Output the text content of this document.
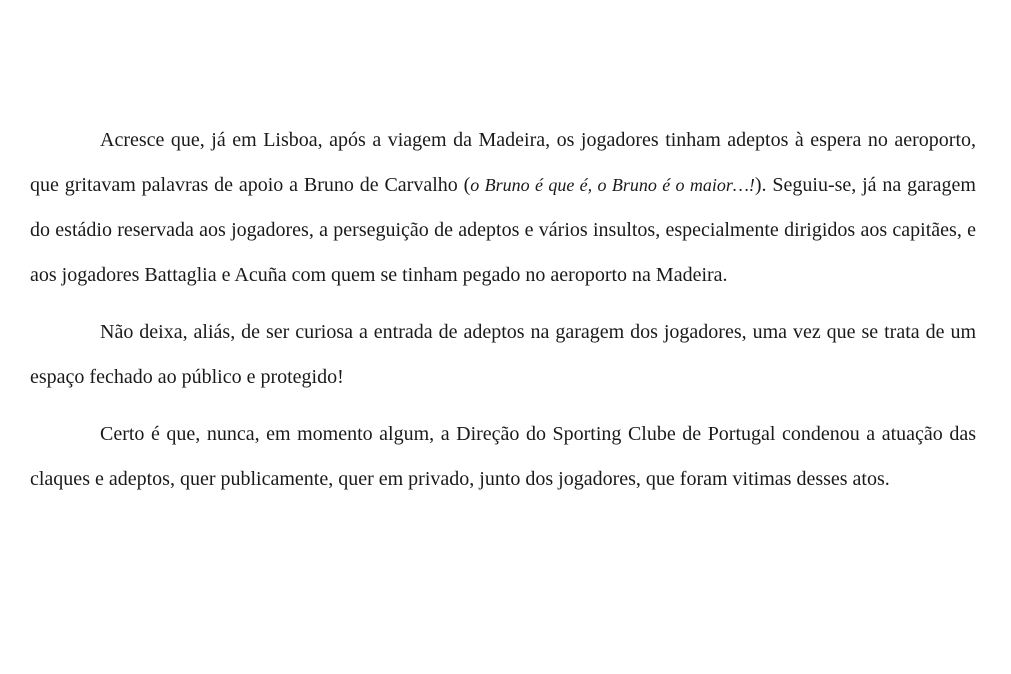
Acresce que, já em Lisboa, após a viagem da Madeira, os jogadores tinham adeptos à espera no aeroporto, que gritavam palavras de apoio a Bruno de Carvalho (o Bruno é que é, o Bruno é o maior…!). Seguiu-se, já na garagem do estádio reservada aos jogadores, a perseguição de adeptos e vários insultos, especialmente dirigidos aos capitães, e aos jogadores Battaglia e Acuña com quem se tinham pegado no aeroporto na Madeira.

Não deixa, aliás, de ser curiosa a entrada de adeptos na garagem dos jogadores, uma vez que se trata de um espaço fechado ao público e protegido!

Certo é que, nunca, em momento algum, a Direção do Sporting Clube de Portugal condenou a atuação das claques e adeptos, quer publicamente, quer em privado, junto dos jogadores, que foram vitimas desses atos.
